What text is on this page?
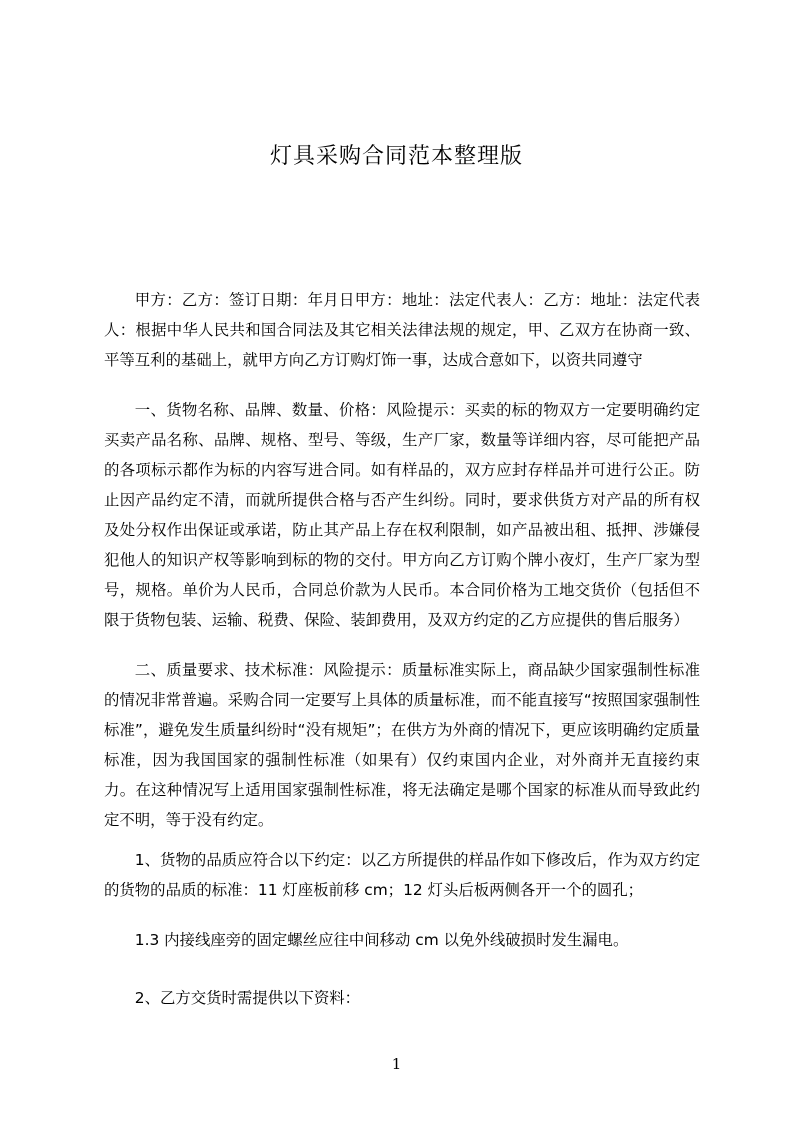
灯具采购合同范本整理版

甲方：乙方：签订日期：年月日甲方：地址：法定代表人：乙方：地址：法定代表人：根据中华人民共和国合同法及其它相关法律法规的规定，甲、乙双方在协商一致、平等互利的基础上，就甲方向乙方订购灯饰一事，达成合意如下，以资共同遵守

一、货物名称、品牌、数量、价格：风险提示：买卖的标的物双方一定要明确约定买卖产品名称、品牌、规格、型号、等级，生产厂家，数量等详细内容，尽可能把产品的各项标示都作为标的内容写进合同。如有样品的，双方应封存样品并可进行公正。防止因产品约定不清，而就所提供合格与否产生纠纷。同时，要求供货方对产品的所有权及处分权作出保证或承诺，防止其产品上存在权利限制，如产品被出租、抵押、涉嫌侵犯他人的知识产权等影响到标的物的交付。甲方向乙方订购个牌小夜灯，生产厂家为型号，规格。单价为人民币，合同总价款为人民币。本合同价格为工地交货价（包括但不限于货物包装、运输、税费、保险、装卸费用，及双方约定的乙方应提供的售后服务）

二、质量要求、技术标准：风险提示：质量标准实际上，商品缺少国家强制性标准的情况非常普遍。采购合同一定要写上具体的质量标准，而不能直接写“按照国家强制性标准”，避免发生质量纠纷时“没有规矩”；在供方为外商的情况下，更应该明确约定质量标准，因为我国国家的强制性标准（如果有）仅约束国内企业，对外商并无直接约束力。在这种情况写上适用国家强制性标准，将无法确定是哪个国家的标准从而导致此约定不明，等于没有约定。

1、货物的品质应符合以下约定：以乙方所提供的样品作如下修改后，作为双方约定的货物的品质的标准：11 灯座板前移 cm；12 灯头后板两侧各开一个的圆孔；

1.3 内接线座旁的固定螺丝应往中间移动 cm 以免外线破损时发生漏电。

2、乙方交货时需提供以下资料：

1
